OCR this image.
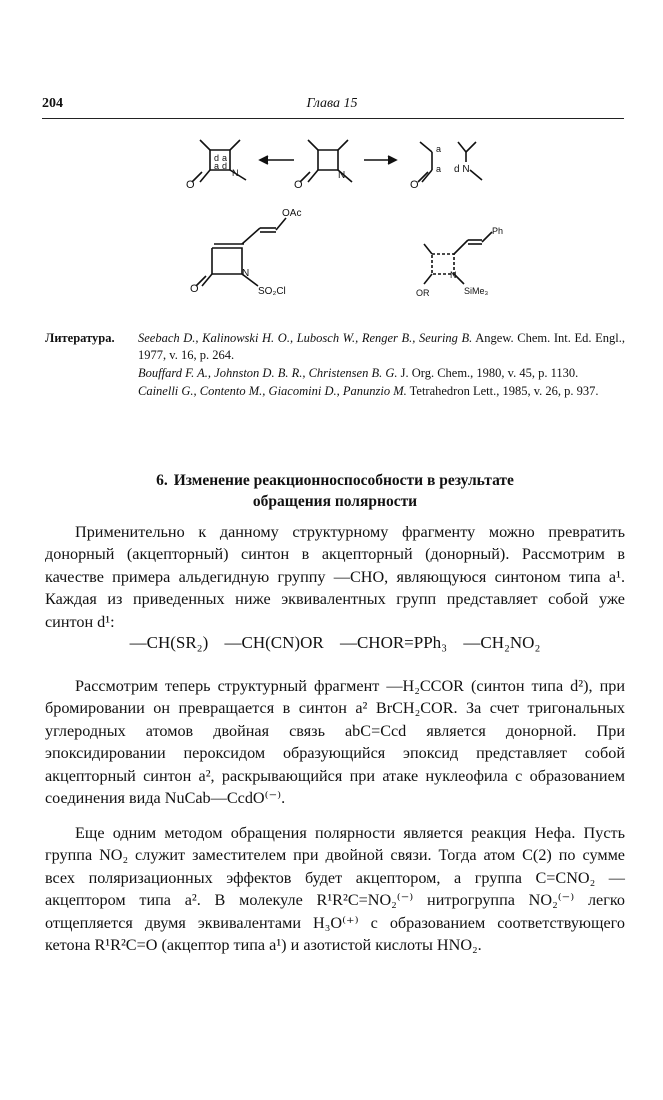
204	Глава 15
d a
a d
N
O
N
O
a
a d N
O
OAc
N
SO₂Cl
O
Ph
N
SiMe₃
OR
Литература. Seebach D., Kalinowski H. O., Lubosch W., Renger B., Seuring B. Angew. Chem. Int. Ed. Engl., 1977, v. 16, p. 264.

Bouffard F. A., Johnston D. B. R., Christensen B. G. J. Org. Chem., 1980, v. 45, p. 1130.

Cainelli G., Contento M., Giacomini D., Panunzio M. Tetrahedron Lett., 1985, v. 26, p. 937.

6. Изменение реакционноспособности в результате
обращения полярности

Применительно к данному структурному фрагменту можно превратить донорный (акцепторный) синтон в акцепторный (донорный). Рассмотрим в качестве примера альдегидную группу —CHO, являющуюся синтоном типа a¹. Каждая из приведенных ниже эквивалентных групп представляет собой уже синтон d¹:

—CH(SR₂) —CH(CN)OR —CHOR=PPh₃ —CH₂NO₂

Рассмотрим теперь структурный фрагмент —H₂CCOR (синтон типа d²), при бромировании он превращается в синтон a² BrCH₂COR. За счет тригональных углеродных атомов двойная связь abC=Ccd является донорной. При эпоксидировании пероксидом образующийся эпоксид представляет собой акцепторный синтон a², раскрывающийся при атаке нуклеофила с образованием соединения вида NuCab—CcdO⁽⁻⁾.

Еще одним методом обращения полярности является реакция Нефа. Пусть группа NO₂ служит заместителем при двойной связи. Тогда атом C(2) по сумме всех поляризационных эффектов будет акцептором, а группа C=CNO₂ — акцептором типа a². В молекуле R¹R²C=NO₂⁽⁻⁾ нитрогруппа NO₂⁽⁻⁾ легко отщепляется двумя эквивалентами H₃O⁽⁺⁾ с образованием соответствующего кетона R¹R²C=O (акцептор типа a¹) и азотистой кислоты HNO₂.
